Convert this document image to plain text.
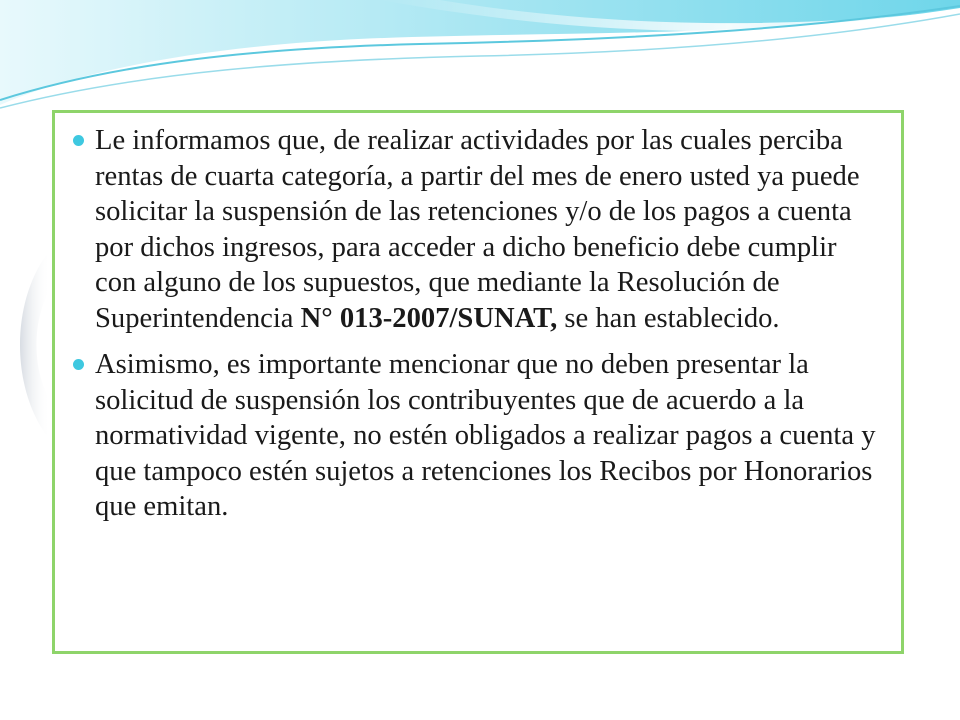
Le informamos que, de realizar actividades por las cuales perciba rentas de cuarta categoría, a partir del mes de enero usted ya puede solicitar la suspensión de las retenciones y/o de los pagos a cuenta por dichos ingresos, para acceder a dicho beneficio debe cumplir con alguno de los supuestos, que mediante la Resolución de Superintendencia N° 013-2007/SUNAT, se han establecido.
Asimismo, es importante mencionar que no deben presentar la solicitud de suspensión los contribuyentes que de acuerdo a la normatividad vigente, no estén obligados a realizar pagos a cuenta y que tampoco estén sujetos a retenciones los Recibos por Honorarios que emitan.
